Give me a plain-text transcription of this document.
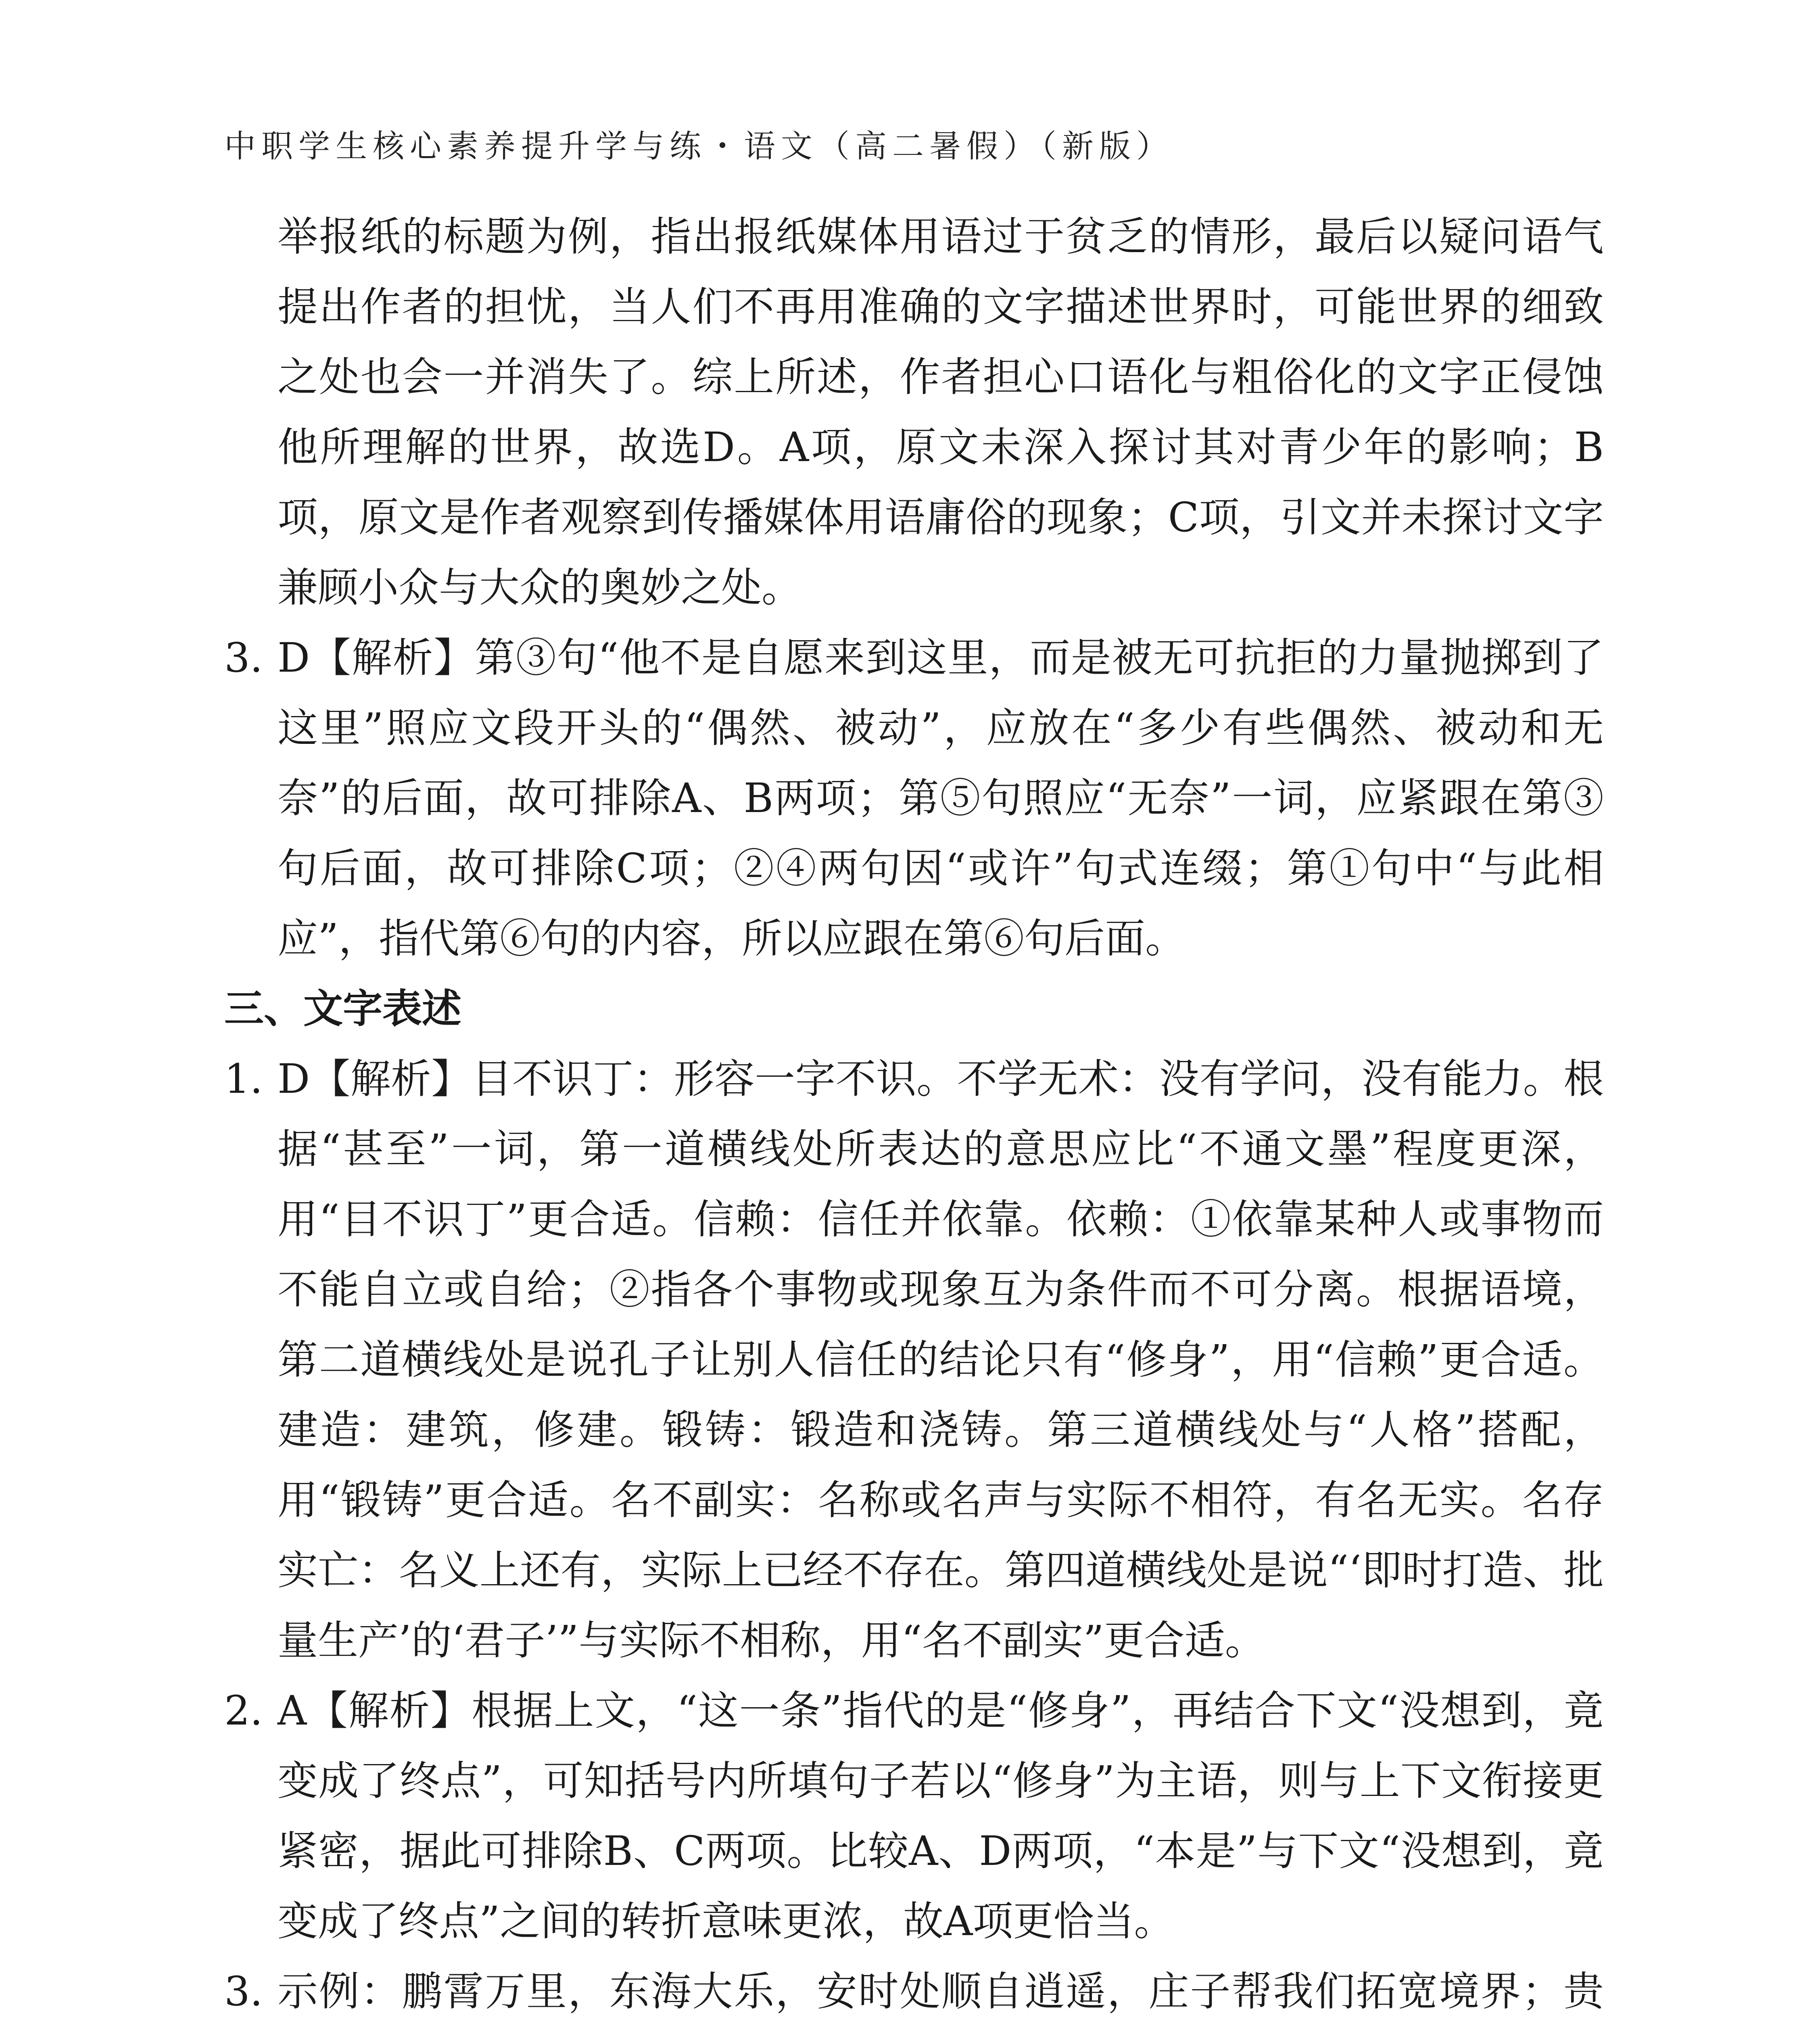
中职学生核心素养提升学与练・语文（高二暑假）（新版）

举报纸的标题为例，指出报纸媒体用语过于贫乏的情形，最后以疑问语气提出作者的担忧，当人们不再用准确的文字描述世界时，可能世界的细致之处也会一并消失了。综上所述，作者担心口语化与粗俗化的文字正侵蚀他所理解的世界，故选D。A项，原文未深入探讨其对青少年的影响；B项，原文是作者观察到传播媒体用语庸俗的现象；C项，引文并未探讨文字兼顾小众与大众的奥妙之处。

3. D【解析】第③句“他不是自愿来到这里，而是被无可抗拒的力量抛掷到了这里”照应文段开头的“偶然、被动”，应放在“多少有些偶然、被动和无奈”的后面，故可排除A、B两项；第⑤句照应“无奈”一词，应紧跟在第③句后面，故可排除C项；②④两句因“或许”句式连缀；第①句中“与此相应”，指代第⑥句的内容，所以应跟在第⑥句后面。
三、文字表述
1. D【解析】目不识丁：形容一字不识。不学无术：没有学问，没有能力。根据“甚至”一词，第一道横线处所表达的意思应比“不通文墨”程度更深，用“目不识丁”更合适。信赖：信任并依靠。依赖：①依靠某种人或事物而不能自立或自给；②指各个事物或现象互为条件而不可分离。根据语境，第二道横线处是说孔子让别人信任的结论只有“修身”，用“信赖”更合适。建造：建筑，修建。锻铸：锻造和浇铸。第三道横线处与“人格”搭配，用“锻铸”更合适。名不副实：名称或名声与实际不相符，有名无实。名存实亡：名义上还有，实际上已经不存在。第四道横线处是说“‘即时打造、批量生产’的‘君子’”与实际不相称，用“名不副实”更合适。
2. A【解析】根据上文，“这一条”指代的是“修身”，再结合下文“没想到，竟变成了终点”，可知括号内所填句子若以“修身”为主语，则与上下文衔接更紧密，据此可排除B、C两项。比较A、D两项，“本是”与下文“没想到，竟变成了终点”之间的转折意味更浓，故A项更恰当。
3. 示例：鹏霄万里，东海大乐，安时处顺自逍遥，庄子帮我们拓宽境界；贵
